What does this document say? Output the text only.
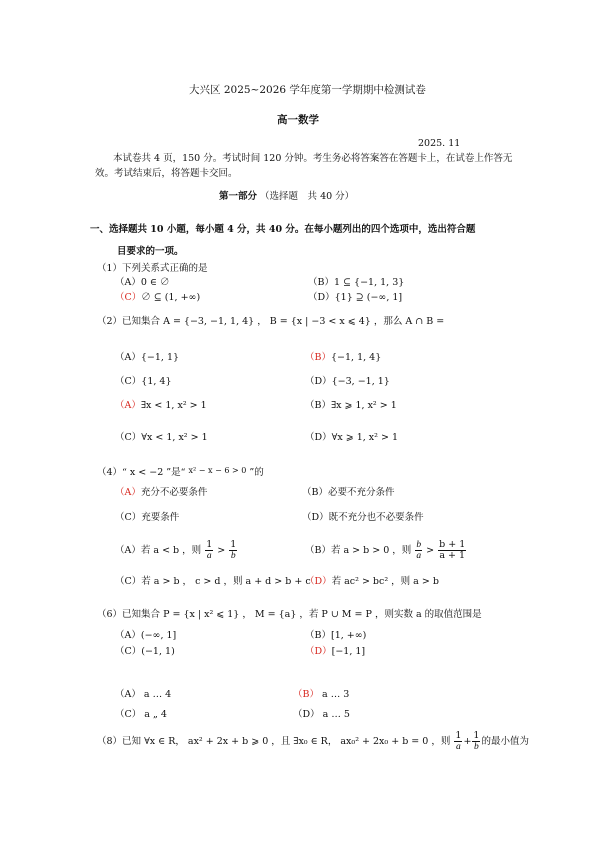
大兴区 2025~2026 学年度第一学期期中检测试卷
高一数学
2025. 11
本试卷共 4 页，150 分。考试时间 120 分钟。考生务必将答案答在答题卡上，在试卷上作答无效。考试结束后，将答题卡交回。
第一部分 （选择题　共 40 分）
一、选择题共 10 小题，每小题 4 分，共 40 分。在每小题列出的四个选项中，选出符合题
目要求的一项。
（1）下列关系式正确的是
（A）0 ∈ ∅	（B）1 ⊆ {−1, 1, 3}
（C）∅ ⊆ (1, +∞)	（D）{1} ⊇ (−∞, 1]
（2）已知集合 A = {−3, −1, 1, 4} ， B = {x | −3 < x ⩽ 4} ，那么 A ∩ B =
（A）{−1, 1}	（B）{−1, 1, 4}
（C）{1, 4}	（D）{−3, −1, 1}
（A）∃x < 1, x² > 1	（B）∃x ⩾ 1, x² > 1
（C）∀x < 1, x² > 1	（D）∀x ⩾ 1, x² > 1
（4）“ x < −2 ”是“ $^{x^2 - x - 6 > 0}$ ”的
（A）充分不必要条件	（B）必要不充分条件
（C）充要条件	（D）既不充分也不必要条件
（A）若 a < b ，则 $\frac{1}{a} > \frac{1}{b}$	（B）若 a > b > 0 ，则 $\frac{b}{a} > \frac{b + 1}{a + 1}$
（C）若 a > b ， c > d ，则 a + d > b + c
（D）若 ac² > bc² ，则 a > b
（6）已知集合 P = {x | x² ⩽ 1} ， M = {a} ，若 P ∪ M = P ，则实数 a 的取值范围是
（A）(−∞, 1]	（B）[1, +∞)
（C）(−1, 1)	（D）[−1, 1]
（A） a … 4	（B） a … 3
（C） a „ 4	（D） a … 5
（8）已知 ∀x ∈ R， ax² + 2x + b ⩾ 0 ，且 ∃x₀ ∈ R， ax₀² + 2x₀ + b = 0 ，则 $\frac{1}{a} + \frac{1}{b}$ 的最小值为
